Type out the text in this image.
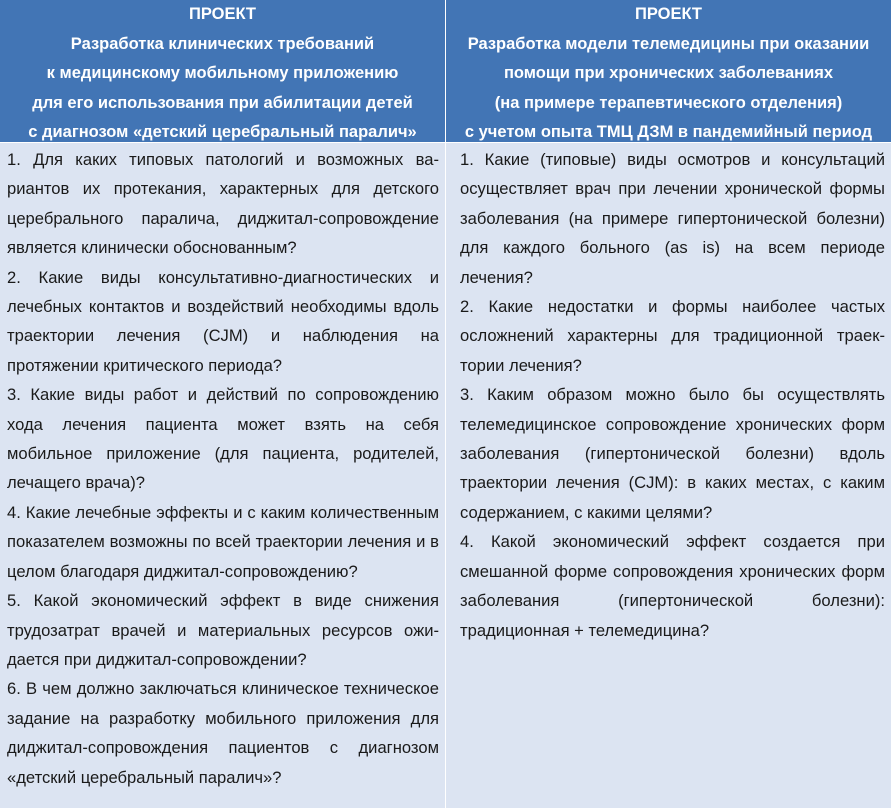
ПРОЕКТ
Разработка клинических требований
к медицинскому мобильному приложению
для его использования при абилитации детей
с диагнозом «детский церебральный паралич»

1. Для каких типовых патологий и возможных вариантов их протекания, характерных для детского церебрального паралича, диджитал-сопровождение является клинически обоснованным?

2. Какие виды консультативно-диагностических и лечебных контактов и воздействий необходимы вдоль траектории лечения (CJM) и наблюдения на протяжении критического периода?

3. Какие виды работ и действий по сопровождению хода лечения пациента может взять на себя мобильное приложение (для пациента, родителей, лечащего врача)?

4. Какие лечебные эффекты и с каким количественным показателем возможны по всей траектории лечения и в целом благодаря диджитал-сопровождению?

5. Какой экономический эффект в виде снижения трудозатрат врачей и материальных ресурсов ожидается при диджитал-сопровождении?

6. В чем должно заключаться клиническое техническое задание на разработку мобильного приложения для диджитал-сопровождения пациентов с диагнозом «детский церебральный паралич»?

ПРОЕКТ
Разработка модели телемедицины при оказании
помощи при хронических заболеваниях
(на примере терапевтического отделения)
с учетом опыта ТМЦ ДЗМ в пандемийный период

1. Какие (типовые) виды осмотров и консультаций осуществляет врач при лечении хронической формы заболевания (на примере гипертонической болезни) для каждого больного (as is) на всем периоде лечения?

2. Какие недостатки и формы наиболее частых осложнений характерны для традиционной траектории лечения?

3. Каким образом можно было бы осуществлять телемедицинское сопровождение хронических форм заболевания (гипертонической болезни) вдоль траектории лечения (CJM): в каких местах, с каким содержанием, с какими целями?

4. Какой экономический эффект создается при смешанной форме сопровождения хронических форм заболевания (гипертонической болезни): традиционная + телемедицина?
